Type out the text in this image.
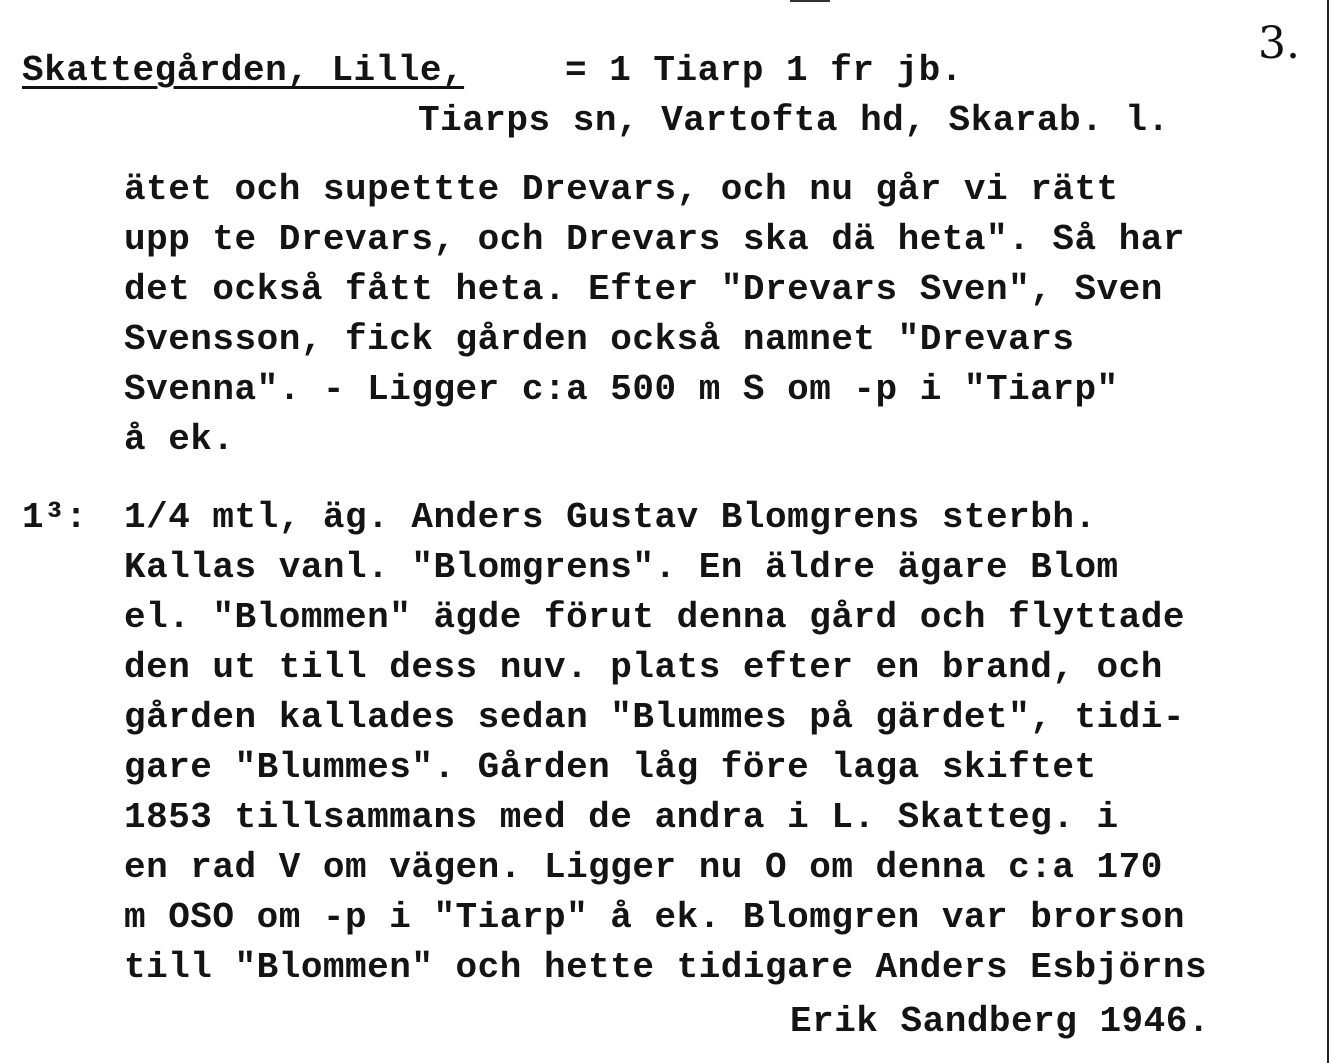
Skattegården, Lille,	= 1 Tiarp 1 fr jb.
3.
Tiarps sn, Vartofta hd, Skarab. l.
ätet och supettte Drevars, och nu går vi rätt
upp te Drevars, och Drevars ska dä heta". Så har
det också fått heta. Efter "Drevars Sven", Sven
Svensson, fick gården också namnet "Drevars
Svenna". - Ligger c:a 500 m S om -p i "Tiarp"
å ek.
1³: 1/4 mtl, äg. Anders Gustav Blomgrens sterbh.
Kallas vanl. "Blomgrens". En äldre ägare Blom
el. "Blommen" ägde förut denna gård och flyttade
den ut till dess nuv. plats efter en brand, och
gården kallades sedan "Blummes på gärdet", tidi-
gare "Blummes". Gården låg före laga skiftet
1853 tillsammans med de andra i L. Skatteg. i
en rad V om vägen. Ligger nu O om denna c:a 170
m OSO om -p i "Tiarp" å ek. Blomgren var brorson
till "Blommen" och hette tidigare Anders Esbjörns
Erik Sandberg 1946.
